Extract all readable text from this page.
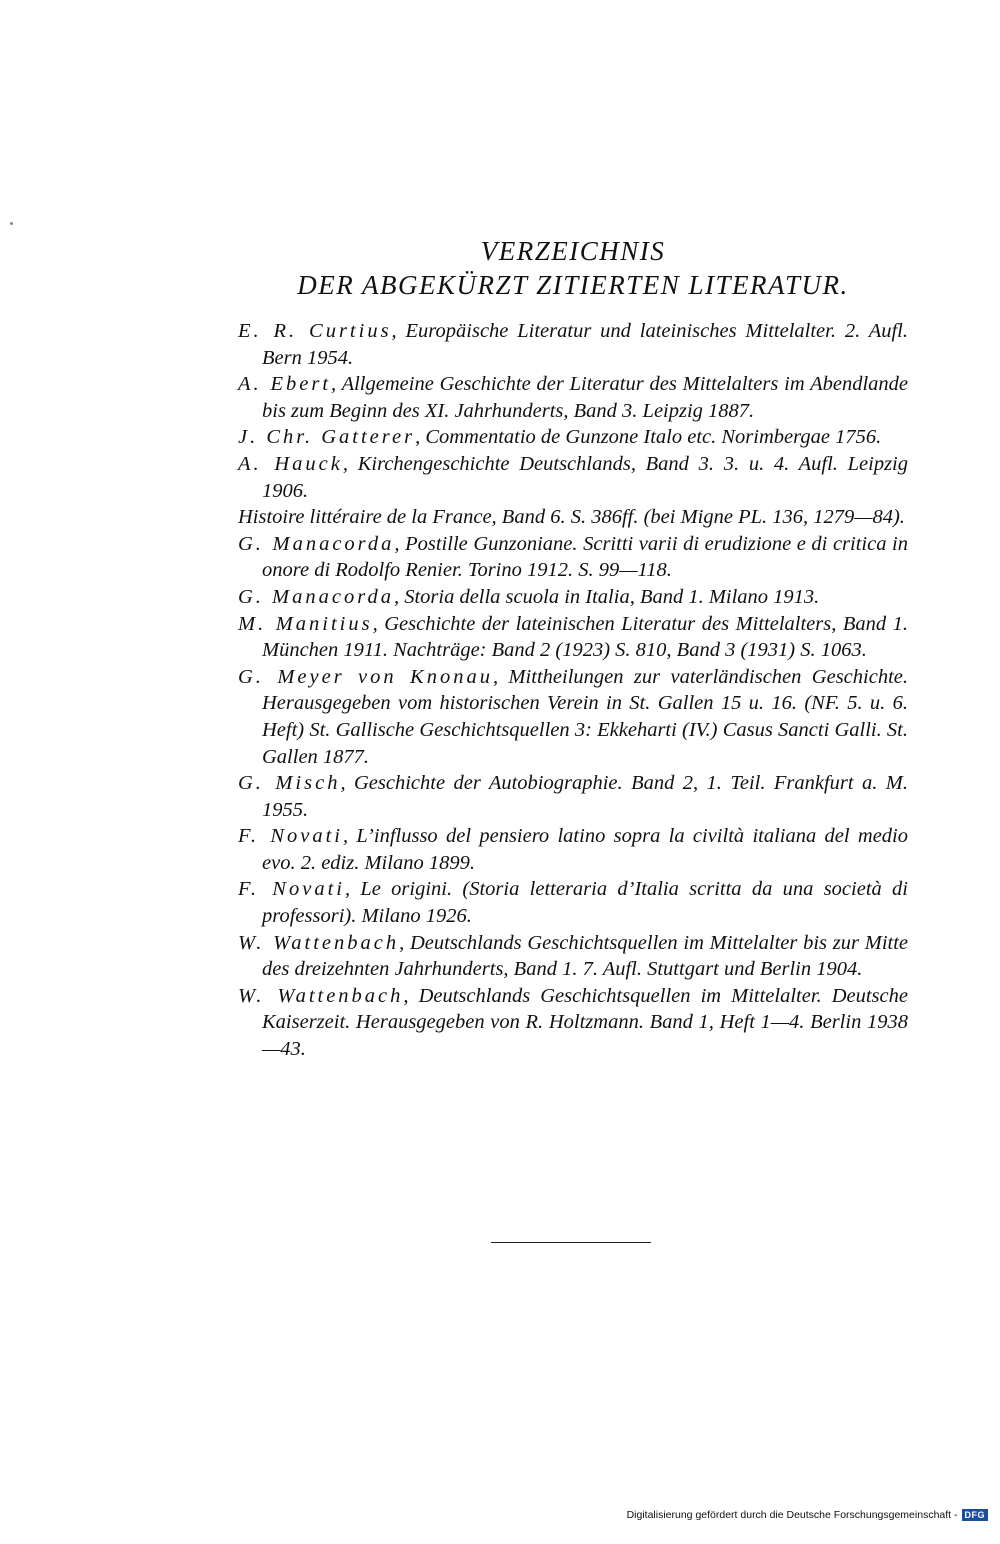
VERZEICHNIS
DER ABGEKÜRZT ZITIERTEN LITERATUR.
E. R. Curtius, Europäische Literatur und lateinisches Mittelalter. 2. Aufl. Bern 1954.
A. Ebert, Allgemeine Geschichte der Literatur des Mittelalters im Abendlande bis zum Beginn des XI. Jahrhunderts, Band 3. Leipzig 1887.
J. Chr. Gatterer, Commentatio de Gunzone Italo etc. Norimbergae 1756.
A. Hauck, Kirchengeschichte Deutschlands, Band 3. 3. u. 4. Aufl. Leipzig 1906.
Histoire littéraire de la France, Band 6. S. 386ff. (bei Migne PL. 136, 1279—84).
G. Manacorda, Postille Gunzoniane. Scritti varii di erudizione e di critica in onore di Rodolfo Renier. Torino 1912. S. 99—118.
G. Manacorda, Storia della scuola in Italia, Band 1. Milano 1913.
M. Manitius, Geschichte der lateinischen Literatur des Mittelalters, Band 1. München 1911. Nachträge: Band 2 (1923) S. 810, Band 3 (1931) S. 1063.
G. Meyer von Knonau, Mittheilungen zur vaterländischen Geschichte. Herausgegeben vom historischen Verein in St. Gallen 15 u. 16. (NF. 5. u. 6. Heft) St. Gallische Geschichtsquellen 3: Ekkeharti (IV.) Casus Sancti Galli. St. Gallen 1877.
G. Misch, Geschichte der Autobiographie. Band 2, 1. Teil. Frankfurt a. M. 1955.
F. Novati, L’influsso del pensiero latino sopra la civiltà italiana del medio evo. 2. ediz. Milano 1899.
F. Novati, Le origini. (Storia letteraria d’Italia scritta da una società di professori). Milano 1926.
W. Wattenbach, Deutschlands Geschichtsquellen im Mittelalter bis zur Mitte des dreizehnten Jahrhunderts, Band 1. 7. Aufl. Stuttgart und Berlin 1904.
W. Wattenbach, Deutschlands Geschichtsquellen im Mittelalter. Deutsche Kaiserzeit. Herausgegeben von R. Holtzmann. Band 1, Heft 1—4. Berlin 1938—43.
Digitalisierung gefördert durch die Deutsche Forschungsgemeinschaft - DFG
